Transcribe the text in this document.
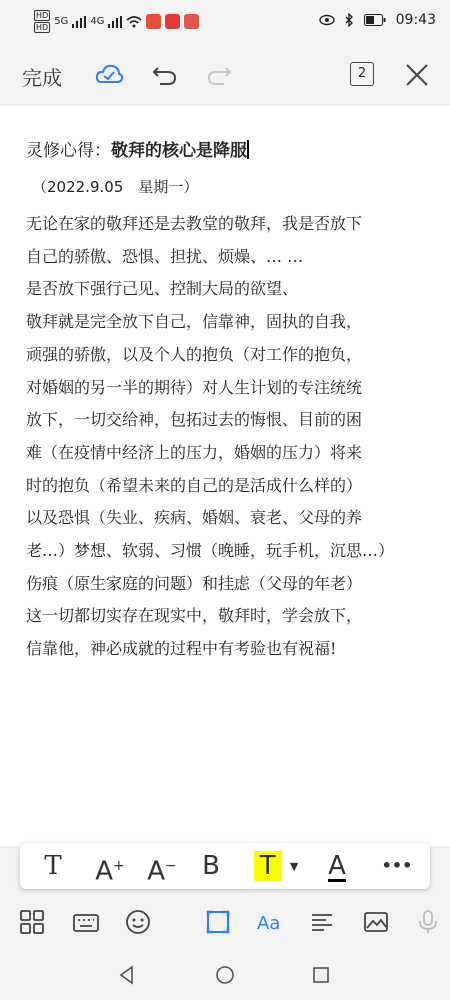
HD
HD
5G 4G	09:43
完成	2
灵修心得：敬拜的核心是降服
（2022.9.05　星期一）

无论在家的敬拜还是去教堂的敬拜，我是否放下

自己的骄傲、恐惧、担扰、烦燥、… …

是否放下强行己见、控制大局的欲望、

敬拜就是完全放下自己，信靠神，固执的自我，

顽强的骄傲，以及个人的抱负（对工作的抱负，

对婚姻的另一半的期待）对人生计划的专注统统

放下，一切交给神，包拓过去的悔恨、目前的困

难（在疫情中经济上的压力，婚姻的压力）将来

时的抱负（希望未来的自己的是活成什么样的）

以及恐惧（失业、疾病、婚姻、衰老、父母的养

老…）梦想、软弱、习惯（晚睡，玩手机，沉思…）

伤痕（原生家庭的问题）和挂虑（父母的年老）

这一切都切实存在现实中，敬拜时，学会放下，

信靠他，神必成就的过程中有考验也有祝福!

T A+ A− B	T ▼ A	•••
Aa
